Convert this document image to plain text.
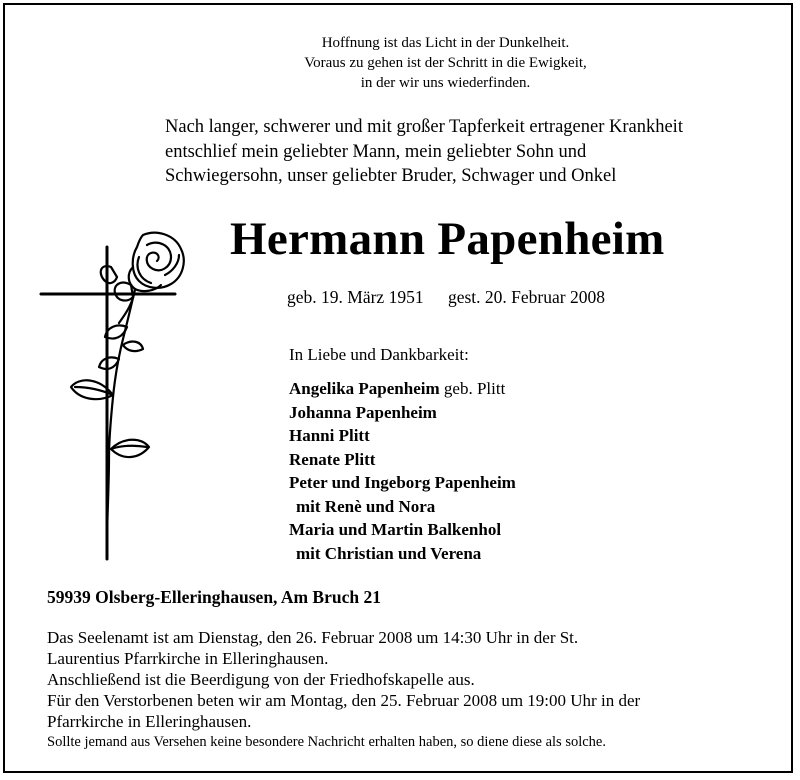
Hoffnung ist das Licht in der Dunkelheit.
Voraus zu gehen ist der Schritt in die Ewigkeit,
in der wir uns wiederfinden.
Nach langer, schwerer und mit großer Tapferkeit ertragener Krankheit
entschlief mein geliebter Mann, mein geliebter Sohn und
Schwiegersohn, unser geliebter Bruder, Schwager und Onkel
Hermann Papenheim
geb. 19. März 1951 gest. 20. Februar 2008
In Liebe und Dankbarkeit:
Angelika Papenheim geb. Plitt
Johanna Papenheim
Hanni Plitt
Renate Plitt
Peter und Ingeborg Papenheim
mit Renè und Nora
Maria und Martin Balkenhol
mit Christian und Verena
59939 Olsberg-Elleringhausen, Am Bruch 21
Das Seelenamt ist am Dienstag, den 26. Februar 2008 um 14:30 Uhr in der St.
Laurentius Pfarrkirche in Elleringhausen.
Anschließend ist die Beerdigung von der Friedhofskapelle aus.
Für den Verstorbenen beten wir am Montag, den 25. Februar 2008 um 19:00 Uhr in der
Pfarrkirche in Elleringhausen.
Sollte jemand aus Versehen keine besondere Nachricht erhalten haben, so diene diese als solche.
